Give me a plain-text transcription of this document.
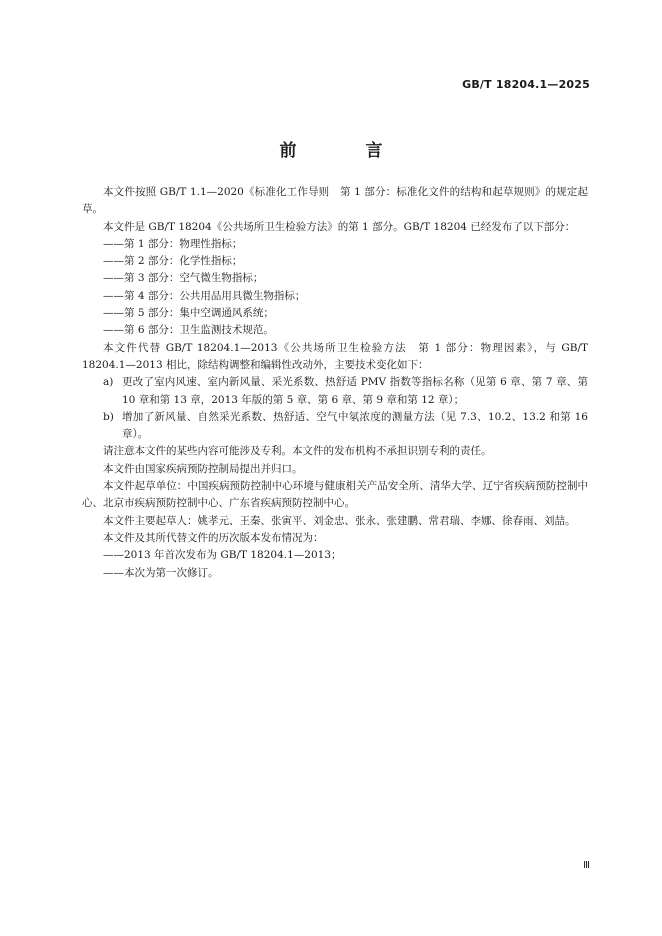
GB/T 18204.1—2025
前　言

本文件按照 GB/T 1.1—2020《标准化工作导则　第 1 部分：标准化文件的结构和起草规则》的规定起草。

本文件是 GB/T 18204《公共场所卫生检验方法》的第 1 部分。GB/T 18204 已经发布了以下部分：

——第 1 部分：物理性指标；

——第 2 部分：化学性指标；

——第 3 部分：空气微生物指标；

——第 4 部分：公共用品用具微生物指标；

——第 5 部分：集中空调通风系统；

——第 6 部分：卫生监测技术规范。

本文件代替 GB/T 18204.1—2013《公共场所卫生检验方法　第 1 部分：物理因素》，与 GB/T 18204.1—2013 相比，除结构调整和编辑性改动外，主要技术变化如下：

a) 更改了室内风速、室内新风量、采光系数、热舒适 PMV 指数等指标名称（见第 6 章、第 7 章、第 10 章和第 13 章，2013 年版的第 5 章、第 6 章、第 9 章和第 12 章）；
b) 增加了新风量、自然采光系数、热舒适、空气中氡浓度的测量方法（见 7.3、10.2、13.2 和第 16 章）。

请注意本文件的某些内容可能涉及专利。本文件的发布机构不承担识别专利的责任。

本文件由国家疾病预防控制局提出并归口。

本文件起草单位：中国疾病预防控制中心环境与健康相关产品安全所、清华大学、辽宁省疾病预防控制中心、北京市疾病预防控制中心、广东省疾病预防控制中心。

本文件主要起草人：姚孝元、王秦、张寅平、刘金忠、张永、张建鹏、常君瑞、李娜、徐春雨、刘喆。

本文件及其所代替文件的历次版本发布情况为：

——2013 年首次发布为 GB/T 18204.1—2013；

——本次为第一次修订。

Ⅲ
